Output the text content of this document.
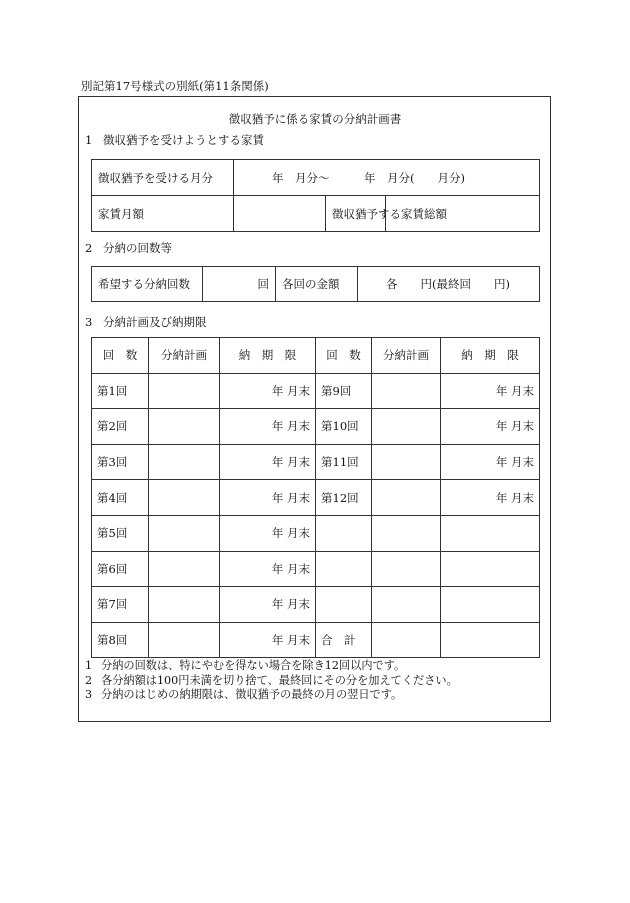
別記第17号様式の別紙(第11条関係)
徴収猶予に係る家賃の分納計画書
1 徴収猶予を受けようとする家賃
徴収猶予を受ける月分	年　月分〜　　　年　月分(　　月分)		
家賃月額		徴収猶予する家賃総額	
2 分納の回数等
希望する分納回数	回	各回の金額	各　　円(最終回　　円)
3 分納計画及び納期限
回　数	分納計画	納　期　限	回　数	分納計画	納　期　限
第1回		年 月末	第9回		年 月末
第2回		年 月末	第10回		年 月末
第3回		年 月末	第11回		年 月末
第4回		年 月末	第12回		年 月末
第5回		年 月末			
第6回		年 月末			
第7回		年 月末			
第8回		年 月末	合　計		
1 分納の回数は、特にやむを得ない場合を除き12回以内です。
2 各分納額は100円未満を切り捨て、最終回にその分を加えてください。
3 分納のはじめの納期限は、徴収猶予の最終の月の翌日です。
